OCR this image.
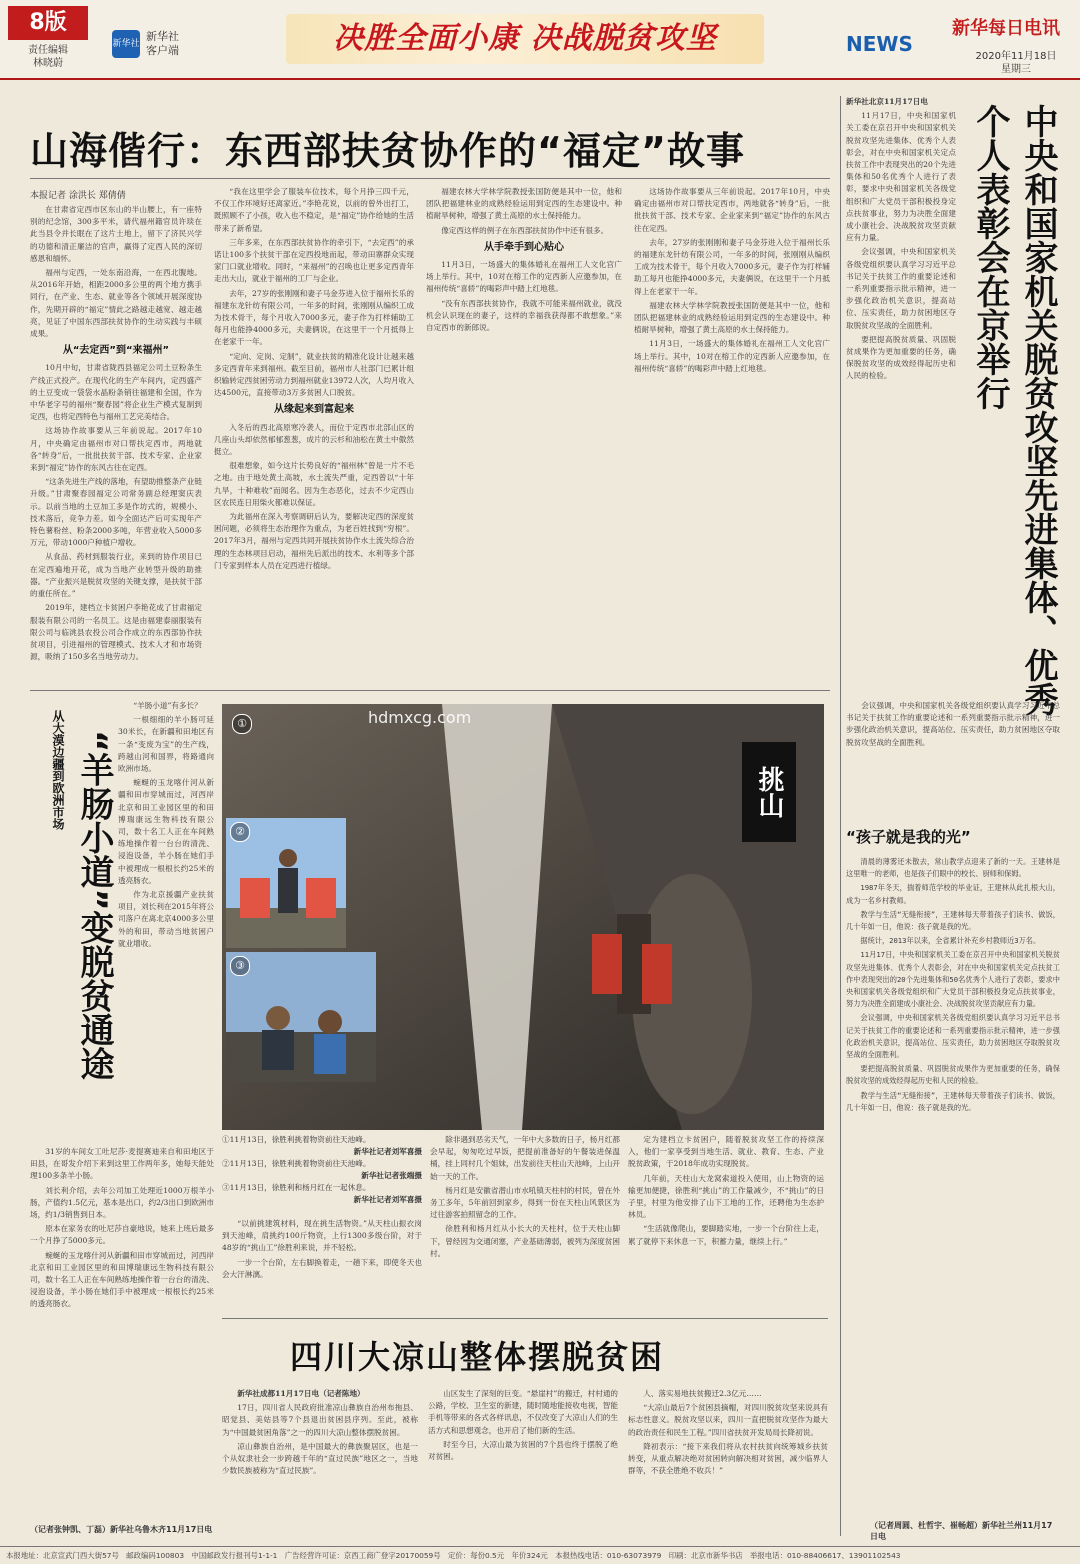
8版
责任编辑
林晓蔚
新华社
新华社
客户端	决胜全面小康 决战脱贫攻坚	NEWS
新华每日电讯
2020年11月18日
星期三
山海偕行：东西部扶贫协作的“福定”故事
本报记者 涂洪长 郑倩倩

在甘肃省定西市区东山的半山腰上，有一座特别的纪念馆，300多平米，请代福州籍官员许琰在此当县令并长眠在了这片土地上，留下了济民兴学的功德和清正廉洁的官声，赢得了定西人民的深切感恩和缅怀。

福州与定西，一处东南沿海，一在西北腹地。从2016年开始，相距2000多公里的两个地方携手同行，在产业、生态、就业等各个领域开展深度协作，先期开辟的“福定”情此之路越走越宽、越走越亮，见证了中国东西部扶贫协作的生动实践与丰硕成果。

从“去定西”到“来福州”

10月中旬，甘肃省陇西县福定公司土豆粉条生产线正式投产。在现代化的生产车间内，定西盛产的土豆变成一袋袋水晶粉条销往福建和全国，作为中华老字号的福州“聚春园”将企业生产模式复制到定西，也将定西特色与福州工艺完美结合。

这场协作故事要从三年前说起。2017年10月，中央确定由福州市对口帮扶定西市，两地就各“转身”后，一批批扶贫干部、技术专家、企业家来到“福定”协作的东风古往在定西。

“这条先进生产线的落地，有望助推整条产业链升级。”甘肃聚春园福定公司常务副总经理窦庆表示。以前当地的土豆加工多是作坊式的，规模小、技术落后，竞争力差。如今全面达产后可实现年产特色薯粉丝、粉条2000多吨，年营业收入5000多万元，带动1000户种植户增收。

从食品、药材到服装行业，来到的协作项目已在定西遍地开花，成为当地产业转型升级的助推器。“产业振兴是脱贫攻坚的关键支撑，是扶贫干部的重任所在。”

2019年，建档立卡贫困户李艳花成了甘肃福定服装有限公司的一名员工。这是由福建泰丽服装有限公司与临洮县农投公司合作成立的东西部协作扶贫项目，引进福州的管理模式、技术人才和市场资源，吸纳了150多名当地劳动力。

“我在这里学会了服装车位技术，每个月挣三四千元，不仅工作环境好还离家近。”李艳花说，以前的曾外出打工，既照顾不了小孩，收入也不稳定，是“福定”协作给她的生活带来了新希望。

三年多来，在东西部扶贫协作的牵引下，“去定西”的承诺让100多个扶贫干部在定西投地而起，带动田寨群众实现家门口就业增收。同时，“来福州”的召唤也让更多定西青年走出大山，就业于福州的工厂与企业。

去年，27岁的张刚刚和妻子马金芬进入位于福州长乐的福建东龙针纺有限公司，一年多的时间，张刚刚从编织工成为技术骨干，每个月收入7000多元，妻子作为打样辅助工每月也能挣4000多元，夫妻俩说，在这里干一个月抵得上在老家干一年。

“定向、定岗、定制”，就业扶贫的精准化设计让越来越多定西青年来到福州。截至目前，福州市人社部门已累计组织输转定西贫困劳动力到福州就业13972人次，人均月收入达4500元，直接带动3万多贫困人口脱贫。

从缘起来到富起来

入冬后的西北高原寒冷袭人，而位于定西市北部山区的几座山头却依然郁郁葱葱，成片的云杉和油松在黄土中傲然挺立。

很难想象，如今这片长势良好的“福州林”曾是一片不毛之地。由于地处黄土高坡，水土流失严重，定西曾以“十年九旱，十种难收”而闻名。因为生态恶化，过去不少定西山区农民连日用柴火都难以保证。

为此福州在深入考察调研后认为，要解决定西的深度贫困问题，必须将生态治理作为重点，为老百姓找到“穷根”。2017年3月，福州与定西共同开展扶贫协作水土流失综合治理的生态林项目启动，福州先后派出的技术、水利等多个部门专家到样本人员在定西进行植绿。

福建农林大学林学院教授张国防便是其中一位，他和团队把福建林业的成熟经验运用到定西的生态建设中。种植耐旱树种，增强了黄土高原的水土保持能力。

像定西这样的例子在东西部扶贫协作中还有很多。

从手牵手到心贴心

11月3日，一场盛大的集体婚礼在福州工人文化宫广场上举行。其中，10对在榕工作的定西新人应邀参加，在福州传统“喜轿”的喝彩声中踏上红地毯。

“没有东西部扶贫协作，我就不可能来福州就业，就没机会认识现在的妻子，这样的幸福我获得都不敢想象。”来自定西市的新郎说。

这场协作故事要从三年前说起。2017年10月，中央确定由福州市对口帮扶定西市，两地就各“转身”后，一批批扶贫干部、技术专家、企业家来到“福定”协作的东风古往在定西。

去年，27岁的张刚刚和妻子马金芬进入位于福州长乐的福建东龙针纺有限公司，一年多的时间，张刚刚从编织工成为技术骨干，每个月收入7000多元，妻子作为打样辅助工每月也能挣4000多元，夫妻俩说，在这里干一个月抵得上在老家干一年。

福建农林大学林学院教授张国防便是其中一位，他和团队把福建林业的成熟经验运用到定西的生态建设中。种植耐旱树种，增强了黄土高原的水土保持能力。

11月3日，一场盛大的集体婚礼在福州工人文化宫广场上举行。其中，10对在榕工作的定西新人应邀参加，在福州传统“喜轿”的喝彩声中踏上红地毯。	中央和国家机关脱贫攻坚先进集体、优秀个人表彰会在京举行

新华社北京11月17日电

11月17日，中央和国家机关工委在京召开中央和国家机关脱贫攻坚先进集体、优秀个人表彰会，对在中央和国家机关定点扶贫工作中表现突出的20个先进集体和50名优秀个人进行了表彰，要求中央和国家机关各级党组织和广大党员干部积极投身定点扶贫事业，努力为决胜全面建成小康社会、决战脱贫攻坚贡献应有力量。

会议强调，中央和国家机关各级党组织要认真学习习近平总书记关于扶贫工作的重要论述和一系列重要指示批示精神，进一步强化政治机关意识，提高站位、压实责任，助力贫困地区夺取脱贫攻坚战的全面胜利。

要把提高脱贫质量、巩固脱贫成果作为更加重要的任务，确保脱贫攻坚的成效经得起历史和人民的检验。

会议强调，中央和国家机关各级党组织要认真学习习近平总书记关于扶贫工作的重要论述和一系列重要指示批示精神，进一步强化政治机关意识，提高站位、压实责任，助力贫困地区夺取脱贫攻坚战的全面胜利。

“孩子就是我的光”

清晨的薄雾还未散去，常山教学点迎来了新的一天。王建林是这里唯一的老师，也是孩子们眼中的校长、厨师和保姆。

1987年冬天，揣着师范学校的毕业证，王建林从此扎根大山，成为一名乡村教师。

教学与生活“无缝衔接”，王建林每天带着孩子们读书、做饭，几十年如一日，他说：孩子就是我的光。

据统计，2013年以来，全省累计补充乡村教师近3万名。

11月17日，中央和国家机关工委在京召开中央和国家机关脱贫攻坚先进集体、优秀个人表彰会，对在中央和国家机关定点扶贫工作中表现突出的20个先进集体和50名优秀个人进行了表彰，要求中央和国家机关各级党组织和广大党员干部积极投身定点扶贫事业，努力为决胜全面建成小康社会、决战脱贫攻坚贡献应有力量。

会议强调，中央和国家机关各级党组织要认真学习习近平总书记关于扶贫工作的重要论述和一系列重要指示批示精神，进一步强化政治机关意识，提高站位、压实责任，助力贫困地区夺取脱贫攻坚战的全面胜利。

要把提高脱贫质量、巩固脱贫成果作为更加重要的任务，确保脱贫攻坚的成效经得起历史和人民的检验。

教学与生活“无缝衔接”，王建林每天带着孩子们读书、做饭，几十年如一日，他说：孩子就是我的光。

（记者周圆、杜哲宇、崔畅超）新华社兰州11月17日电
从大漠边疆到欧洲市场 “羊肠小道”变脱贫通途

“羊肠小道”有多长？

一根细细的羊小肠可延30米长，在新疆和田地区有一条“变废为宝”的生产线，跨越山河和国界，将路通向欧洲市场。

蜿蜒的玉龙喀什河从新疆和田市穿城而过，河西岸北京和田工业园区里的和田博瑞康远生物科技有限公司，数十名工人正在车间熟练地操作着一台台的清洗、浸泡设备，羊小肠在她们手中被理成一根根长约25米的透亮肠衣。

作为北京援疆产业扶贫项目，刘长利在2015年将公司落户在离北京4000多公里外的和田，带动当地贫困户就业增收。

31岁的车间女工吐尼莎·麦提赛迪来自和田地区于田县，在哥发介绍下来到这里工作两年多，她每天能处理100多条羊小肠。

刘长利介绍，去年公司加工处理近1000万根羊小肠，产值约1.5亿元，基本是出口，约2/3出口到欧洲市场，约1/3销售到日本。

原本在家务农的吐尼莎自豪地说，她来上班后最多一个月挣了5000多元。

蜿蜒的玉龙喀什河从新疆和田市穿城而过，河西岸北京和田工业园区里的和田博瑞康远生物科技有限公司，数十名工人正在车间熟练地操作着一台台的清洗、浸泡设备，羊小肠在她们手中被理成一根根长约25米的透亮肠衣。

（记者张钟凯、丁磊）新华社乌鲁木齐11月17日电
①
②
③
挑山
hdmxcg.com
①11月13日，徐胜利挑着物资前往天池峰。
新华社记者刘军喜摄
②11月13日，徐胜利挑着物资前往天池峰。
新华社记者张端摄
③11月13日，徐胜利和杨月红在一起休息。
新华社记者刘军喜摄

“以前挑建筑材料，现在挑生活物资。”从天柱山振衣岗到天池峰，肩挑约100斤物资，上行1300多级台阶，对于48岁的“挑山工”徐胜利来说，并不轻松。

一步一个台阶，左右脚换着走，一趟下来，即使冬天也会大汗淋漓。

除非遇到恶劣天气，一年中大多数的日子，杨月红都会早起，匆匆吃过早饭，把提前准备好的午餐装进保温桶，挂上同村几个姐妹，出发前往天柱山天池峰，上山开始一天的工作。

杨月红是安徽省潜山市水吼镇天柱村的村民，曾在外务工多年，5年前回到家乡，得到一份在天柱山风景区为过往游客拍照留念的工作。

徐胜利和杨月红从小长大的天柱村，位于天柱山脚下，曾经因为交通闭塞，产业基础薄弱，被列为深度贫困村。

定为建档立卡贫困户，随着脱贫攻坚工作的持续深入，他们一家享受到当地生活、就业、教育、生态、产业脱贫政策，于2018年成功实现脱贫。

几年前，天柱山大龙窝索道投入使用，山上物资的运输更加便捷，徐胜利“挑山”的工作量减少，不“挑山”的日子里，村里为他安排了山下工地的工作，还聘他为生态护林员。

“生活就像爬山，要脚踏实地，一步一个台阶往上走，累了就停下来休息一下，积蓄力量，继续上行。”

四川大凉山整体摆脱贫困

新华社成都11月17日电（记者陈地）

17日，四川省人民政府批准凉山彝族自治州布拖县、昭觉县、美姑县等7个县退出贫困县序列。至此，被称为“中国最贫困角落”之一的四川大凉山整体摆脱贫困。

凉山彝族自治州，是中国最大的彝族聚居区，也是一个从奴隶社会一步跨越千年的“直过民族”地区之一，当地少数民族被称为“直过民族”。

山区发生了深刻的巨变。“悬崖村”的搬迁，村村通的公路，学校、卫生室的新建，随时随地能接收电视，智能手机等带来的各式各样讯息，不仅改变了大凉山人们的生活方式和思想观念，也开启了他们新的生活。

时至今日，大凉山最为贫困的7个县也终于摆脱了绝对贫困。

人、落实易地扶贫搬迁2.3亿元……

“大凉山最后7个贫困县摘帽，对四川脱贫攻坚来说具有标志性意义。脱贫攻坚以来，四川一直把脱贫攻坚作为最大的政治责任和民生工程。”四川省扶贫开发局局长降初说。

降初表示：“接下来我们将从农村扶贫向统筹城乡扶贫转变，从重点解决绝对贫困转向解决相对贫困，减少临界人群等，不获全胜绝不收兵！”

本报地址：北京宣武门西大街57号　邮政编码100803　中国邮政发行报刊号1-1-1　广告经营许可证：京西工商广登字20170059号　定价：每份0.5元　年价324元　本报热线电话：010-63073979　印刷：北京市新华书店　举报电话：010-88406617、13901102543
